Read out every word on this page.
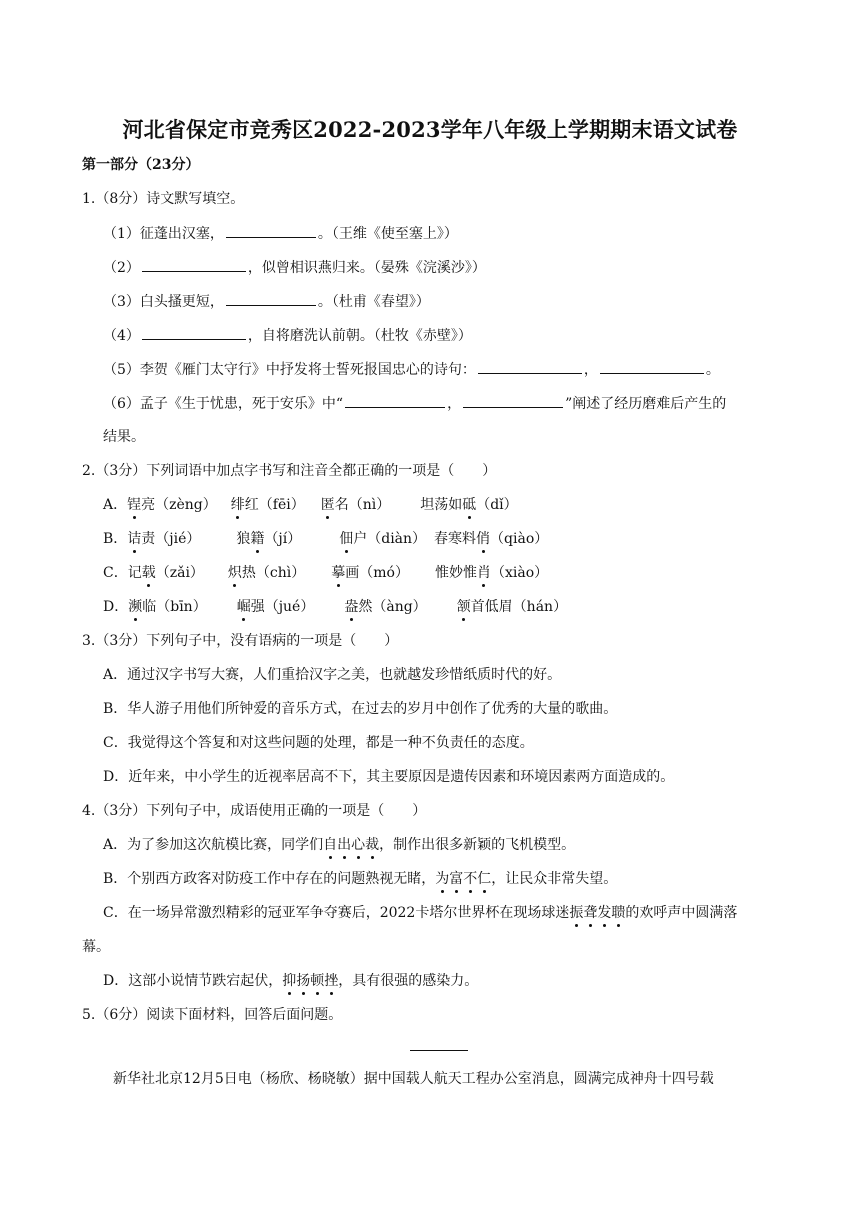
河北省保定市竞秀区2022-2023学年八年级上学期期末语文试卷
第一部分（23分）
1.（8分）诗文默写填空。
（1）征蓬出汉塞，	。（王维《使至塞上》）
（2）	，似曾相识燕归来。（晏殊《浣溪沙》）
（3）白头搔更短，	。（杜甫《春望》）
（4）	，自将磨洗认前朝。（杜牧《赤壁》）
（5）李贺《雁门太守行》中抒发将士誓死报国忠心的诗句：	，	。
（6）孟子《生于忧患，死于安乐》中“	，	”阐述了经历磨难后产生的
结果。
2.（3分）下列词语中加点字书写和注音全都正确的一项是（　　）
A．锃亮（zèng） 绯红（fēi） 匿名（nì） 坦荡如砥（dǐ）
B．诘责（jié）	狼籍（jí）	佃户（diàn） 春寒料俏（qiào）
C．记载（zǎi） 炽热（chì） 摹画（mó） 惟妙惟肖（xiào）
D．濒临（bīn） 崛强（jué） 盎然（àng） 颔首低眉（hán）
3.（3分）下列句子中，没有语病的一项是（　　）
A．通过汉字书写大赛，人们重拾汉字之美，也就越发珍惜纸质时代的好。
B．华人游子用他们所钟爱的音乐方式，在过去的岁月中创作了优秀的大量的歌曲。
C．我觉得这个答复和对这些问题的处理，都是一种不负责任的态度。
D．近年来，中小学生的近视率居高不下，其主要原因是遗传因素和环境因素两方面造成的。
4.（3分）下列句子中，成语使用正确的一项是（　　）
A．为了参加这次航模比赛，同学们自出心裁，制作出很多新颖的飞机模型。
B．个别西方政客对防疫工作中存在的问题熟视无睹，为富不仁，让民众非常失望。
C．在一场异常激烈精彩的冠亚军争夺赛后，2022卡塔尔世界杯在现场球迷振聋发聩的欢呼声中圆满落
幕。
D．这部小说情节跌宕起伏，抑扬顿挫，具有很强的感染力。
5.（6分）阅读下面材料，回答后面问题。
新华社北京12月5日电（杨欣、杨晓敏）据中国载人航天工程办公室消息，圆满完成神舟十四号载
